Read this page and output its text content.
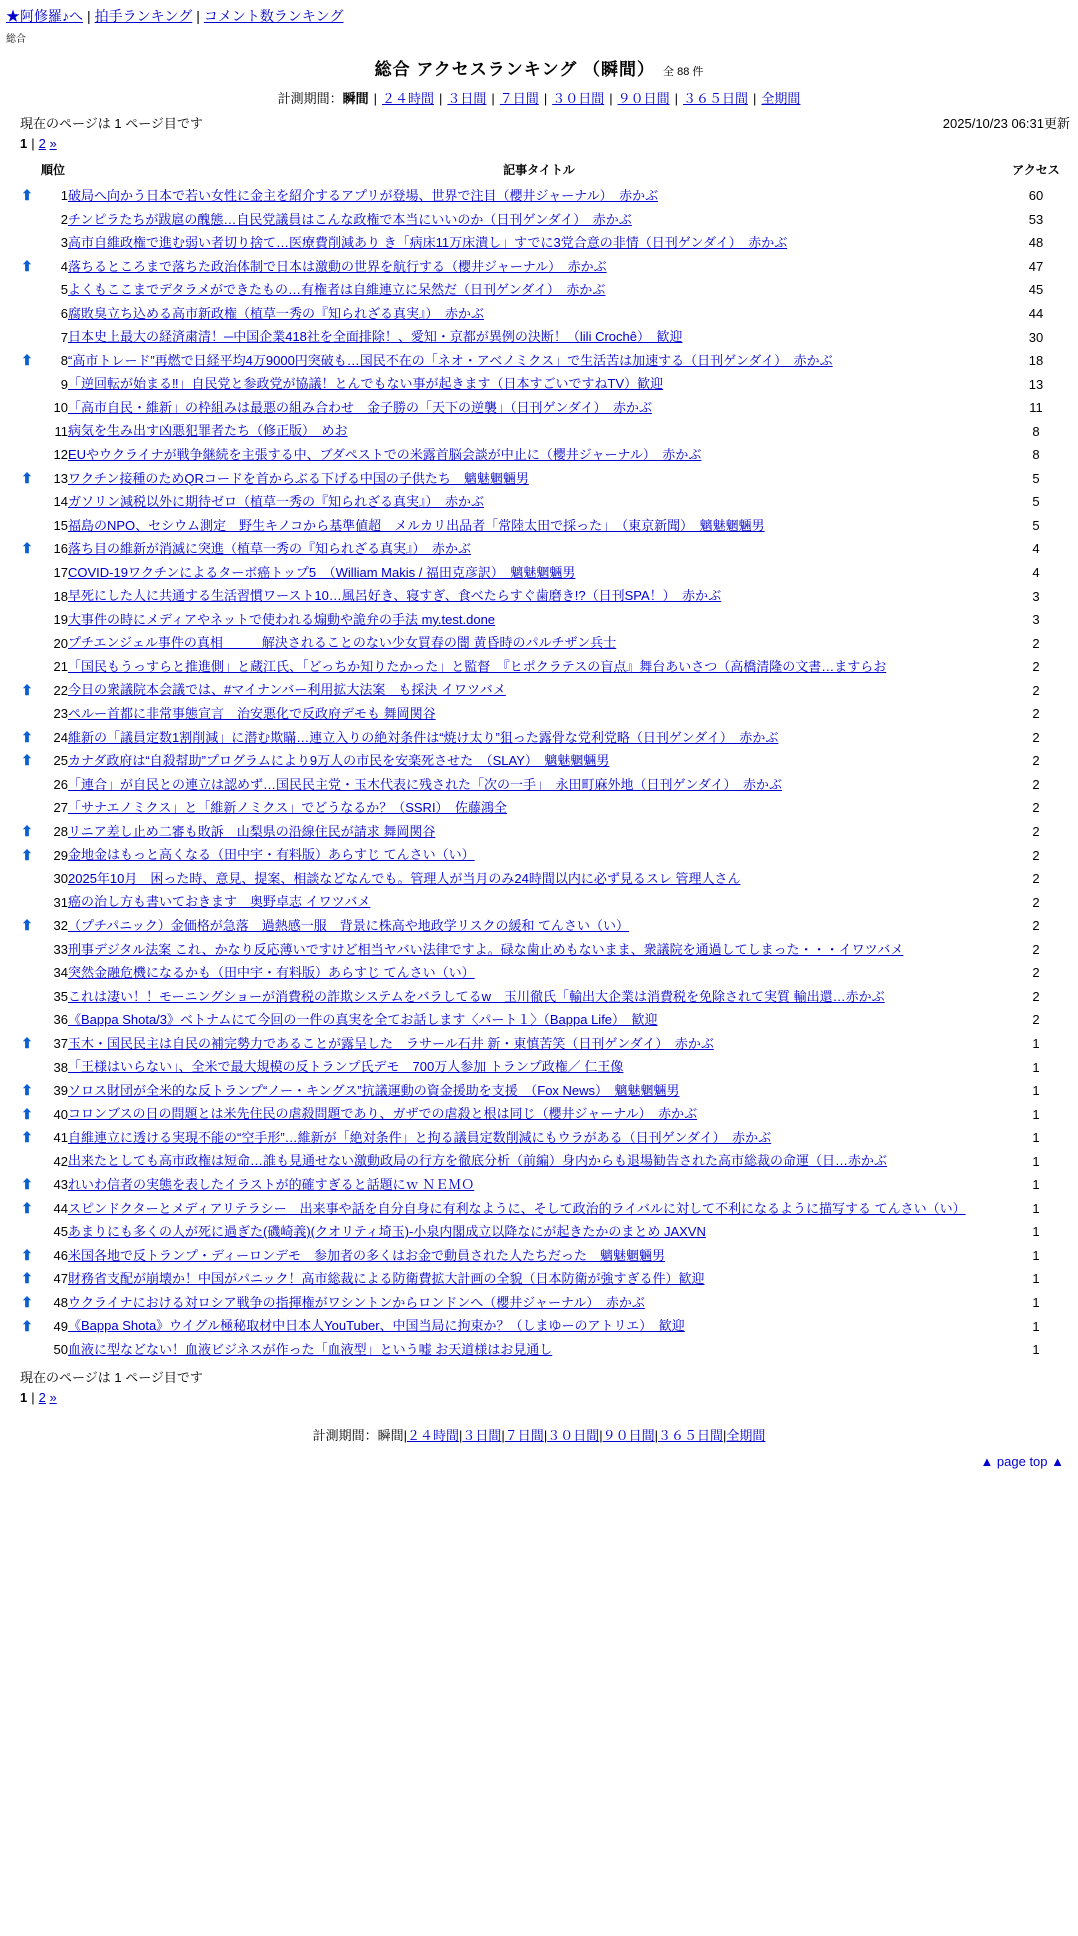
★阿修羅♪へ | 拍手ランキング | コメント数ランキング
総合
総合 アクセスランキング （瞬間） 全 88 件
計測期間：瞬間 | ２４時間 | ３日間 | ７日間 | ３０日間 | ９０日間 | ３６５日間 | 全期間
現在のページは 1 ページ目です	2025/10/23 06:31更新
1 | 2 »
	順位	記事タイトル	アクセス
⬆	1	破局へ向かう日本で若い女性に金主を紹介するアプリが登場、世界で注目（櫻井ジャーナル）　赤かぶ	60
	2	チンピラたちが跋扈の醜態…自民党議員はこんな政権で本当にいいのか（日刊ゲンダイ）　赤かぶ	53
	3	高市自維政権で進む弱い者切り捨て…医療費削減あり き「病床11万床潰し」すでに3党合意の非情（日刊ゲンダイ）　赤かぶ	48
⬆	4	落ちるところまで落ちた政治体制で日本は激動の世界を航行する（櫻井ジャーナル）　赤かぶ	47
	5	よくもここまでデタラメができたもの…有権者は自維連立に呆然だ（日刊ゲンダイ）　赤かぶ	45
	6	腐敗臭立ち込める高市新政権（植草一秀の『知られざる真実』）　赤かぶ	44
	7	日本史上最大の経済粛清！─中国企業418社を全面排除！、愛知・京都が異例の決断！（lili Crochê）　歓迎	30
⬆	8	“高市トレード”再燃で日経平均4万9000円突破も…国民不在の「ネオ・アベノミクス」で生活苦は加速する（日刊ゲンダイ）　赤かぶ	18
	9	「逆回転が始まる‼」自民党と参政党が協議！とんでもない事が起きます（日本すごいですねTV）歓迎	13
	10	「高市自民・維新」の枠組みは最悪の組み合わせ　金子勝の「天下の逆襲」（日刊ゲンダイ）　赤かぶ	11
	11	病気を生み出す凶悪犯罪者たち（修正版）　めお	8
	12	EUやウクライナが戦争継続を主張する中、ブダペストでの米露首脳会談が中止に（櫻井ジャーナル）　赤かぶ	8
⬆	13	ワクチン接種のためQRコードを首からぶる下げる中国の子供たち　魑魅魍魎男	5
	14	ガソリン減税以外に期待ゼロ（植草一秀の『知られざる真実』）　赤かぶ	5
	15	福島のNPO、セシウム測定　野生キノコから基準値超　メルカリ出品者「常陸太田で採った」　（東京新聞）　魑魅魍魎男	5
⬆	16	落ち目の維新が消滅に突進（植草一秀の『知られざる真実』）　赤かぶ	4
	17	COVID-19ワクチンによるターボ癌トップ5　（William Makis / 福田克彦訳）　魑魅魍魎男	4
	18	早死にした人に共通する生活習慣ワースト10…風呂好き、寝すぎ、食べたらすぐ歯磨き!?（日刊SPA！）　赤かぶ	3
	19	大事件の時にメディアやネットで使われる煽動や詭弁の手法 my.test.done	3
	20	プチエンジェル事件の真相　　　解決されることのない少女買春の闇 黄昏時のパルチザン兵士	2
	21	「国民もうっすらと推進側」と蔵江氏、「どっちか知りたかった」と監督　『ヒポクラテスの盲点』舞台あいさつ（高橋清隆の文書…ますらお	2
⬆	22	今日の衆議院本会議では、#マイナンバー利用拡大法案　も採決 イワツバメ	2
	23	ペルー首都に非常事態宣言　治安悪化で反政府デモも 舞岡関谷	2
⬆	24	維新の「議員定数1割削減」に潜む欺瞞…連立入りの絶対条件は“焼け太り”狙った露骨な党利党略（日刊ゲンダイ）　赤かぶ	2
⬆	25	カナダ政府は“自殺幇助”プログラムにより9万人の市民を安楽死させた　（SLAY）　魑魅魍魎男	2
	26	「連合」が自民との連立は認めず…国民民主党・玉木代表に残された「次の一手」　永田町麻外地（日刊ゲンダイ）　赤かぶ	2
	27	「サナエノミクス」と「維新ノミクス」でどうなるか？（SSRI）　佐藤鴻全	2
⬆	28	リニア差し止め二審も敗訴　山梨県の沿線住民が請求 舞岡関谷	2
⬆	29	金地金はもっと高くなる（田中宇・有料版）あらすじ てんさい（い）	2
	30	2025年10月　困った時、意見、提案、相談などなんでも。管理人が当月のみ24時間以内に必ず見るスレ 管理人さん	2
	31	癌の治し方も書いておきます　奥野卓志 イワツバメ	2
⬆	32	（プチパニック）金価格が急落　過熱感一服　背景に株高や地政学リスクの緩和 てんさい（い）	2
	33	刑事デジタル法案 これ、かなり反応薄いですけど相当ヤバい法律ですよ。碌な歯止めもないまま、衆議院を通過してしまった・・・イワツバメ	2
	34	突然金融危機になるかも（田中宇・有料版）あらすじ てんさい（い）	2
	35	これは凄い！！モーニングショーが消費税の詐欺システムをバラしてるw　玉川徹氏「輸出大企業は消費税を免除されて実質 輸出還…赤かぶ	2
	36	《Bappa Shota/3》ベトナムにて今回の一件の真実を全てお話します〈パート１〉（Bappa Life）　歓迎	2
⬆	37	玉木・国民民主は自民の補完勢力であることが露呈した　ラサール石井 新・東慎苦笑（日刊ゲンダイ）　赤かぶ	1
	38	「王様はいらない」、全米で最大規模の反トランプ氏デモ　700万人参加 トランプ政権／ 仁王像	1
⬆	39	ソロス財団が全米的な反トランプ“ノー・キングス”抗議運動の資金援助を支援　（Fox News）　魑魅魍魎男	1
⬆	40	コロンブスの日の問題とは米先住民の虐殺問題であり、ガザでの虐殺と根は同じ（櫻井ジャーナル）　赤かぶ	1
⬆	41	自維連立に透ける実現不能の“空手形”…維新が「絶対条件」と拘る議員定数削減にもウラがある（日刊ゲンダイ）　赤かぶ	1
	42	出来たとしても高市政権は短命…誰も見通せない激動政局の行方を徹底分析（前編）身内からも退場勧告された高市総裁の命運（日…赤かぶ	1
⬆	43	れいわ信者の実態を表したイラストが的確すぎると話題にｗ ＮＥＭＯ	1
⬆	44	スピンドクターとメディアリテラシー　出来事や話を自分自身に有利なように、そして政治的ライバルに対して不利になるように描写する てんさい（い）	1
	45	あまりにも多くの人が死に過ぎた(磯崎義)(クオリティ埼玉)-小泉内閣成立以降なにが起きたかのまとめ JAXVN	1
⬆	46	米国各地で反トランプ・ディーロンデモ　参加者の多くはお金で動員された人たちだった　魑魅魍魎男	1
⬆	47	財務省支配が崩壊か！中国がパニック！高市総裁による防衛費拡大計画の全貌（日本防衛が強すぎる件）歓迎	1
⬆	48	ウクライナにおける対ロシア戦争の指揮権がワシントンからロンドンへ（櫻井ジャーナル）　赤かぶ	1
⬆	49	《Bappa Shota》ウイグル極秘取材中日本人YouTuber、中国当局に拘束か？（しまゆーのアトリエ）　歓迎	1
	50	血液に型などない！血液ビジネスが作った「血液型」という嘘 お天道様はお見通し	1
現在のページは 1 ページ目です
1 | 2 »
計測期間：瞬間|２４時間|３日間|７日間|３０日間|９０日間|３６５日間|全期間
▲ page top ▲
